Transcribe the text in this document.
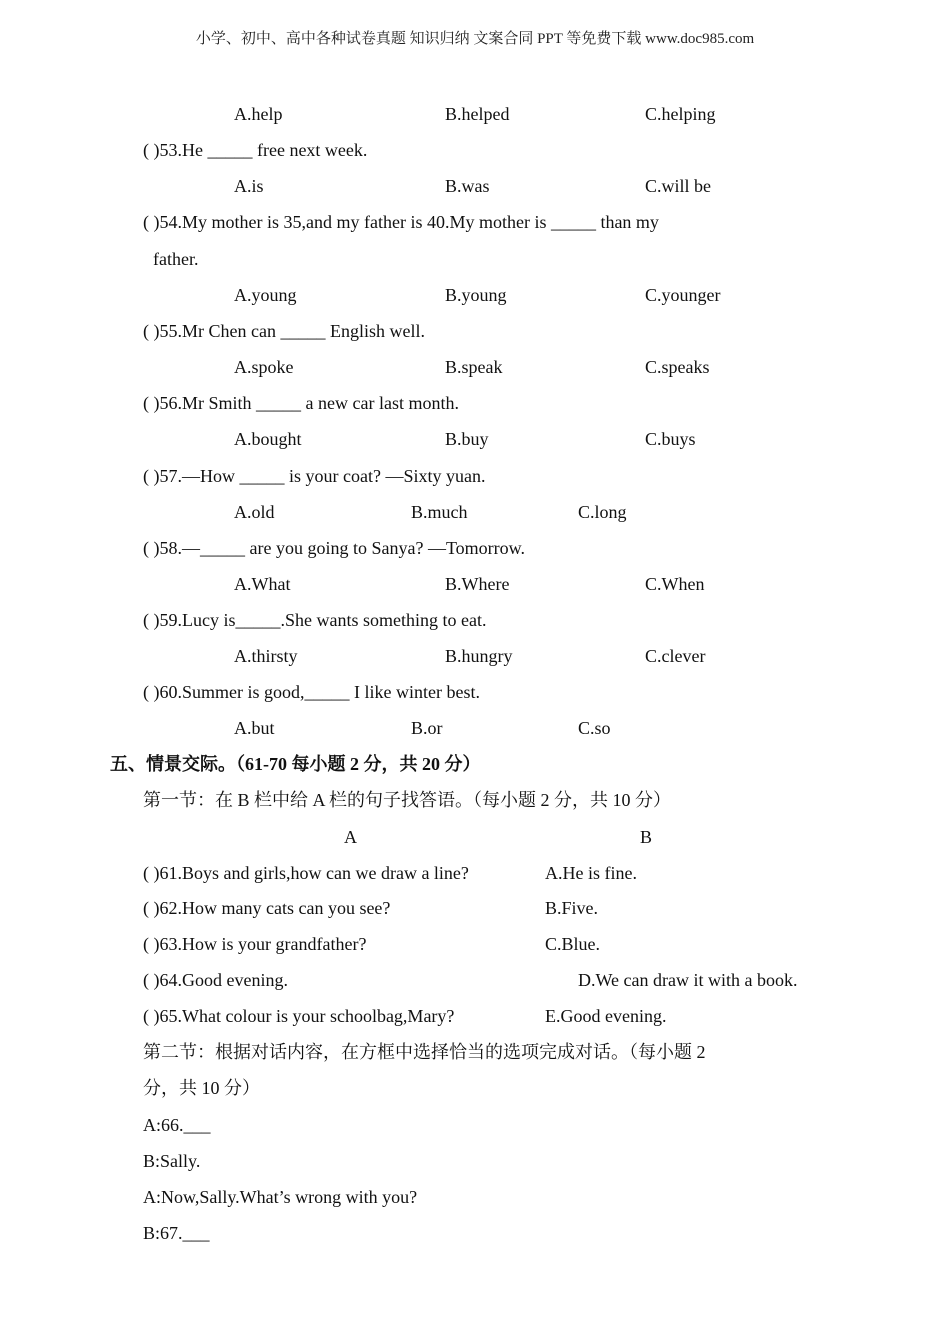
小学、初中、高中各种试卷真题 知识归纳 文案合同 PPT 等免费下载 www.doc985.com
A.help	B.helped	C.helping
( )53.He _____ free next week.
A.is	B.was	C.will be
( )54.My mother is 35,and my father is 40.My mother is _____ than my
father.
A.young	B.young	C.younger
( )55.Mr Chen can _____ English well.
A.spoke	B.speak	C.speaks
( )56.Mr Smith _____ a new car last month.
A.bought	B.buy	C.buys
( )57.—How _____ is your coat? —Sixty yuan.
A.old	B.much	C.long
( )58.—_____ are you going to Sanya? —Tomorrow.
A.What	B.Where	C.When
( )59.Lucy is_____.She wants something to eat.
A.thirsty	B.hungry	C.clever
( )60.Summer is good,_____ I like winter best.
A.but	B.or	C.so
五、情景交际。（61-70 每小题 2 分，共 20 分）
第一节：在 B 栏中给 A 栏的句子找答语。（每小题 2 分，共 10 分）
A	B
( )61.Boys and girls,how can we draw a line?	A.He is fine.
( )62.How many cats can you see?	B.Five.
( )63.How is your grandfather?	C.Blue.
( )64.Good evening.	D.We can draw it with a book.
( )65.What colour is your schoolbag,Mary?	E.Good evening.
第二节：根据对话内容，在方框中选择恰当的选项完成对话。（每小题 2
分，共 10 分）
A:66.___
B:Sally.
A:Now,Sally.What’s wrong with you?
B:67.___
